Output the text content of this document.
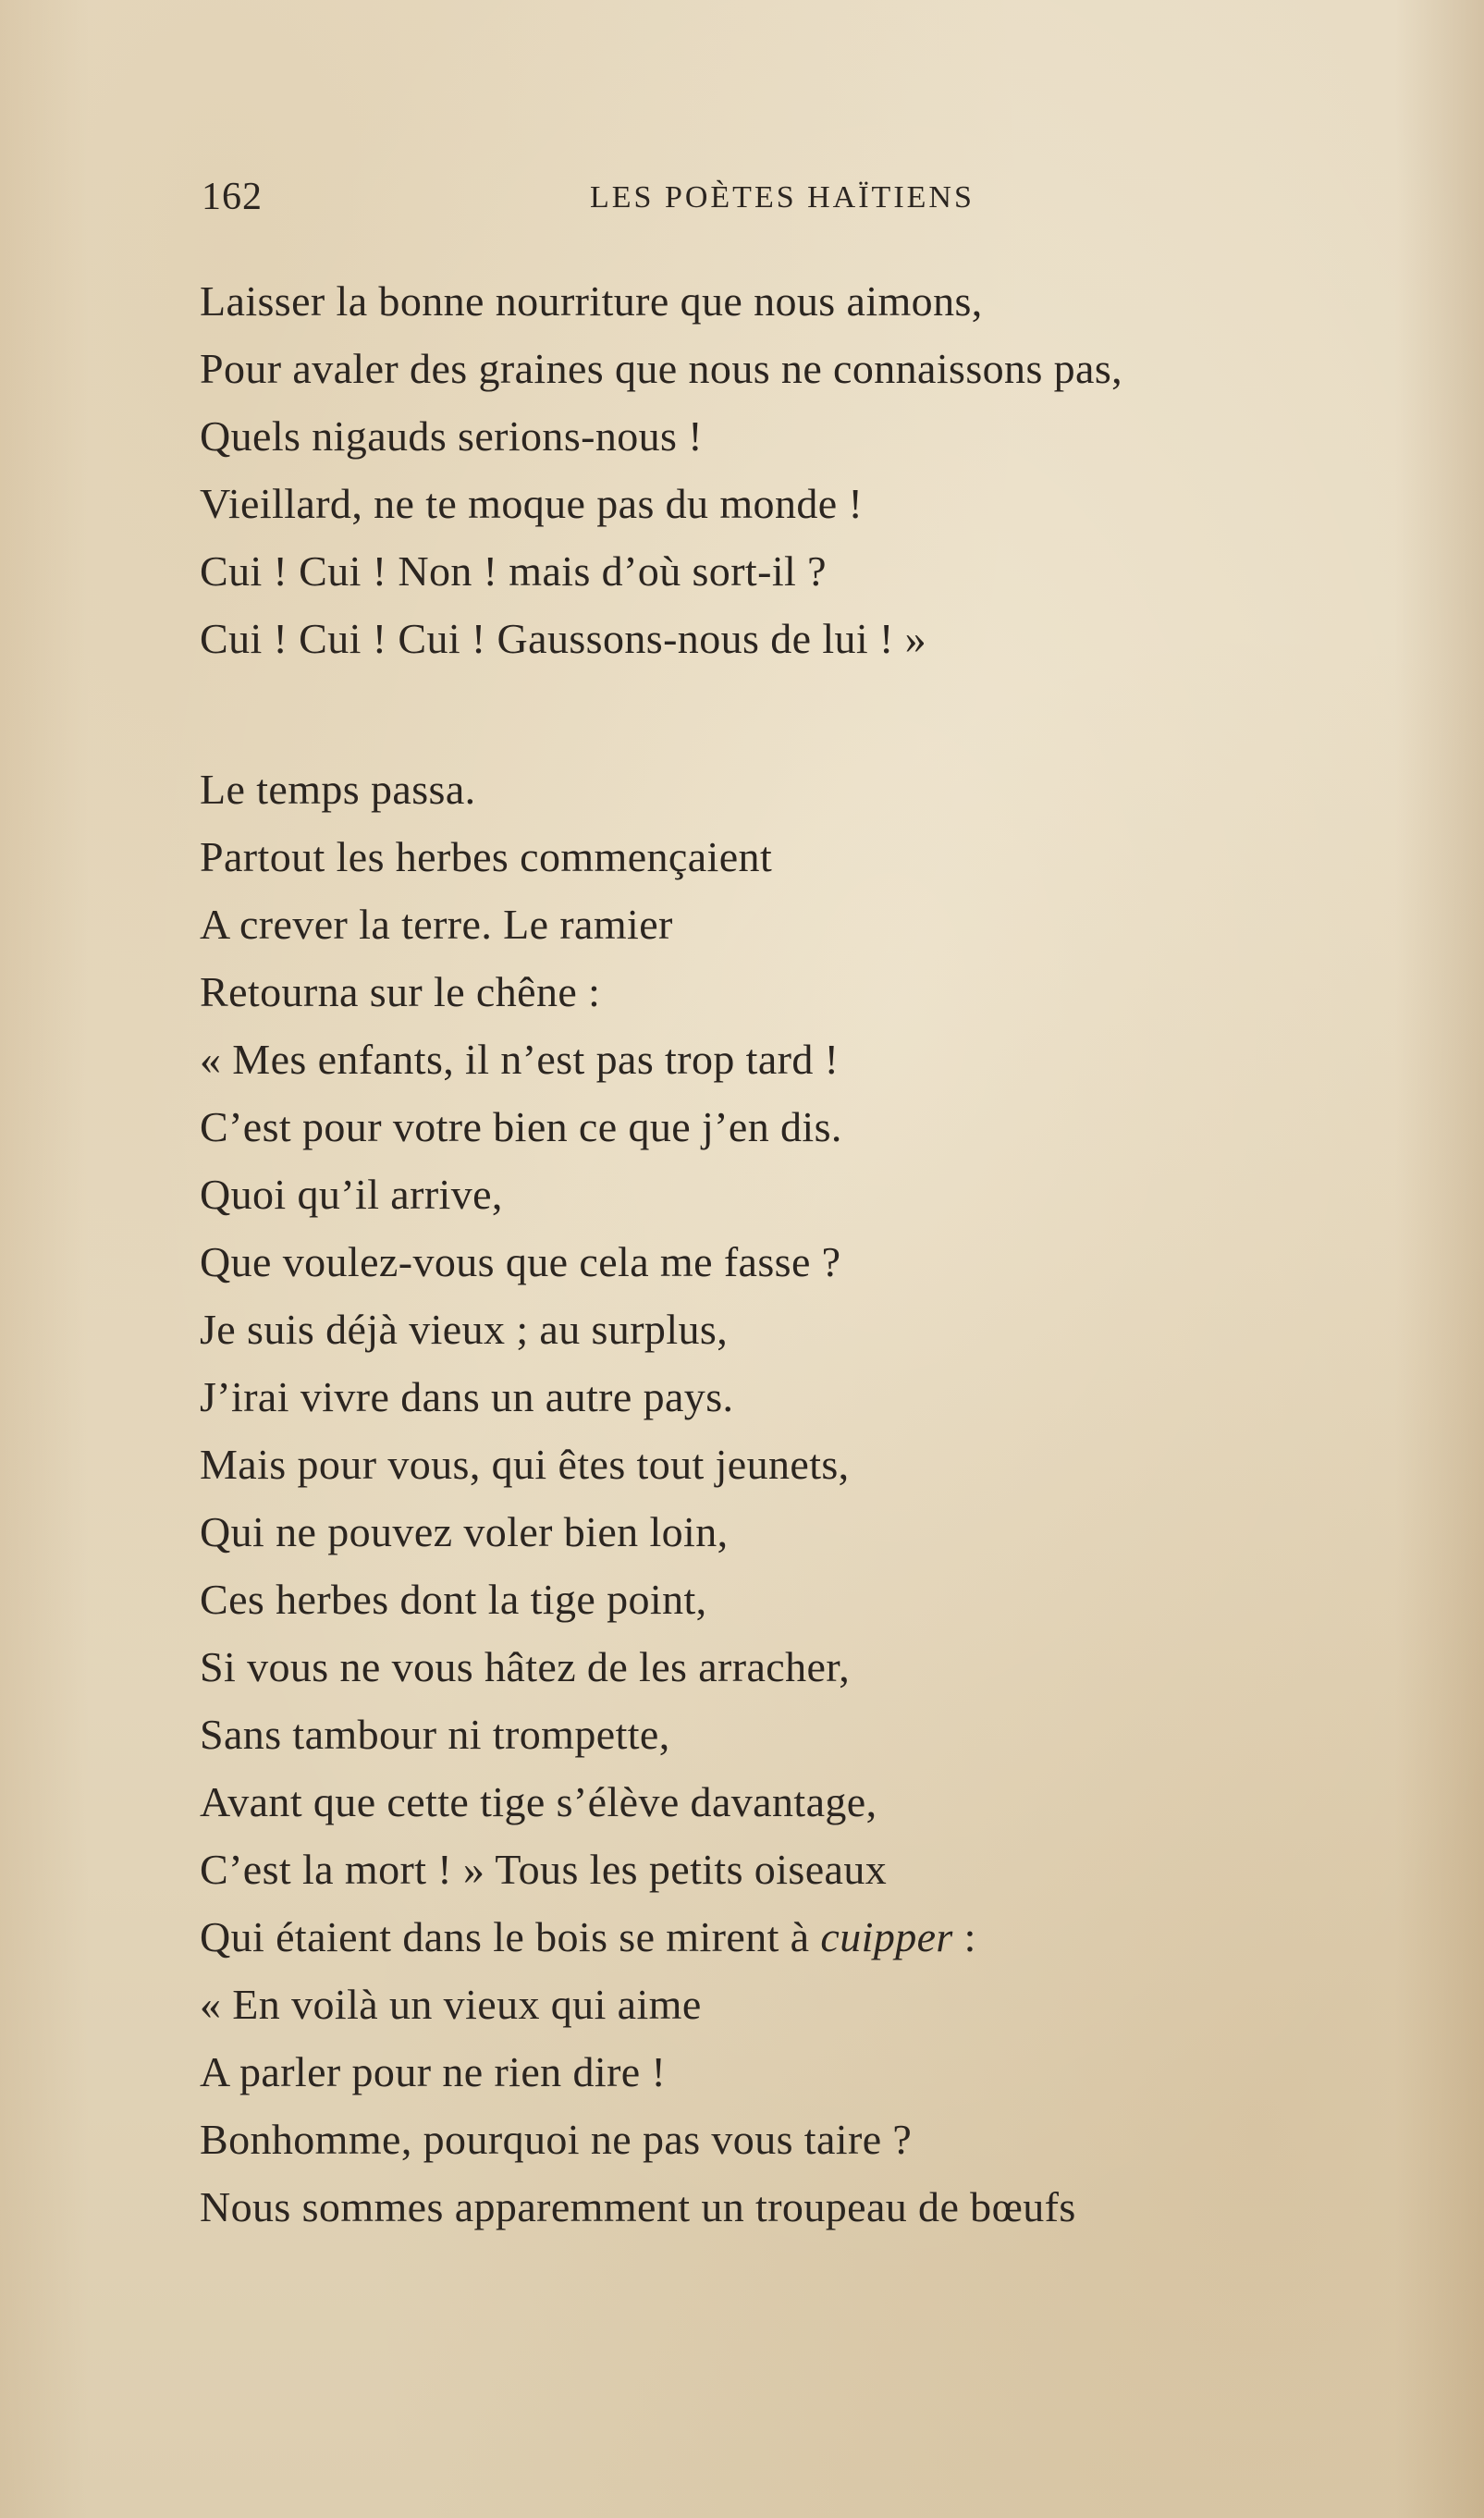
162	LES POÈTES HAÏTIENS
Laisser la bonne nourriture que nous aimons,
Pour avaler des graines que nous ne connaissons pas,
Quels nigauds serions-nous !
Vieillard, ne te moque pas du monde !
Cui ! Cui ! Non ! mais d’où sort-il ?
Cui ! Cui ! Cui ! Gaussons-nous de lui ! »
Le temps passa.
Partout les herbes commençaient
A crever la terre. Le ramier
Retourna sur le chêne :
« Mes enfants, il n’est pas trop tard !
C’est pour votre bien ce que j’en dis.
Quoi qu’il arrive,
Que voulez-vous que cela me fasse ?
Je suis déjà vieux ; au surplus,
J’irai vivre dans un autre pays.
Mais pour vous, qui êtes tout jeunets,
Qui ne pouvez voler bien loin,
Ces herbes dont la tige point,
Si vous ne vous hâtez de les arracher,
Sans tambour ni trompette,
Avant que cette tige s’élève davantage,
C’est la mort ! » Tous les petits oiseaux
Qui étaient dans le bois se mirent à cuipper :
« En voilà un vieux qui aime
A parler pour ne rien dire !
Bonhomme, pourquoi ne pas vous taire ?
Nous sommes apparemment un troupeau de bœufs
